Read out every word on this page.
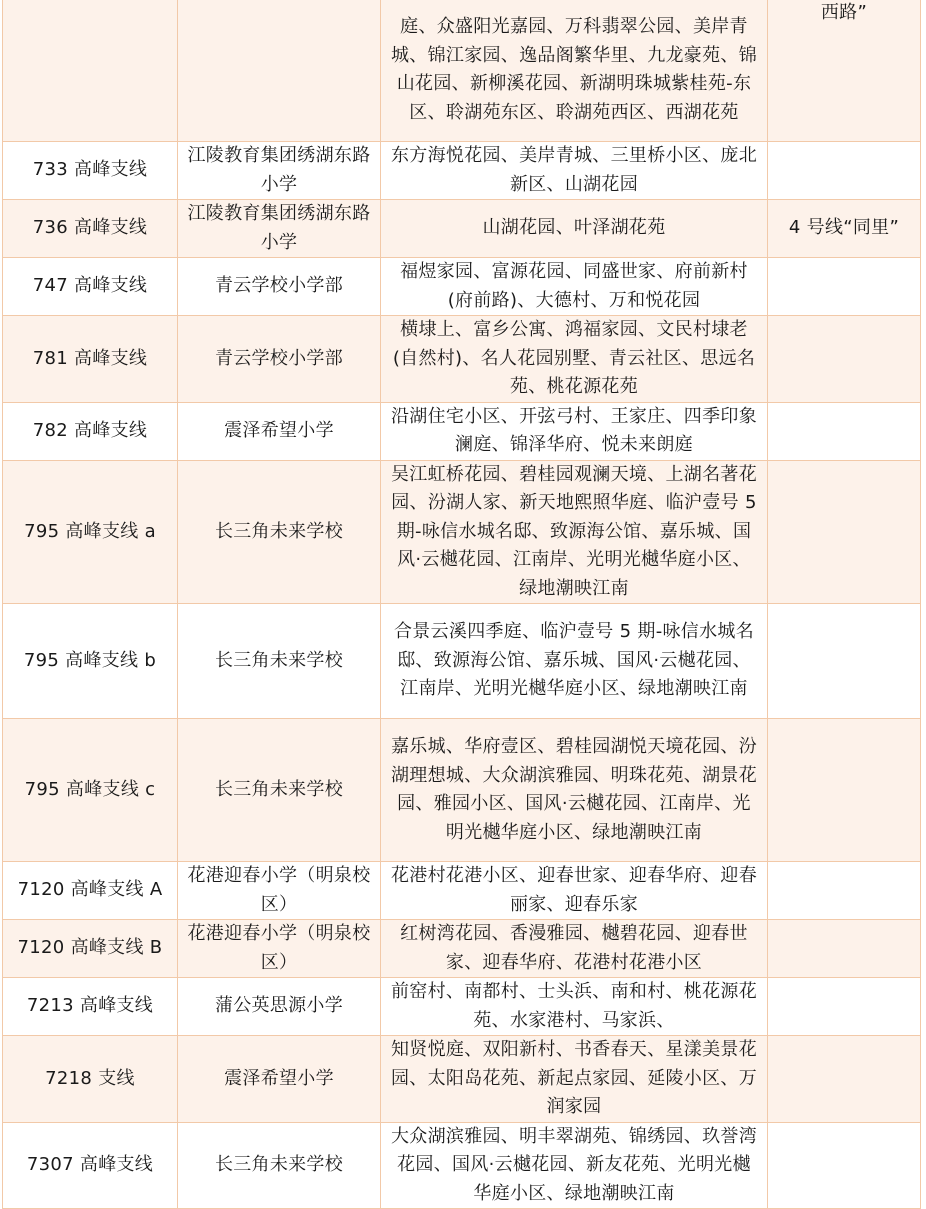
		庭、众盛阳光嘉园、万科翡翠公园、美岸青城、锦江家园、逸品阁繁华里、九龙豪苑、锦山花园、新柳溪花园、新湖明珠城紫桂苑-东区、聆湖苑东区、聆湖苑西区、西湖花苑	西路”
733 高峰支线	江陵教育集团绣湖东路小学	东方海悦花园、美岸青城、三里桥小区、庞北新区、山湖花园	
736 高峰支线	江陵教育集团绣湖东路小学	山湖花园、叶泽湖花苑	4 号线“同里”
747 高峰支线	青云学校小学部	福煜家园、富源花园、同盛世家、府前新村(府前路)、大德村、万和悦花园	
781 高峰支线	青云学校小学部	横埭上、富乡公寓、鸿福家园、文民村埭老(自然村)、名人花园别墅、青云社区、思远名苑、桃花源花苑	
782 高峰支线	震泽希望小学	沿湖住宅小区、开弦弓村、王家庄、四季印象澜庭、锦泽华府、悦未来朗庭	
795 高峰支线 a	长三角未来学校	吴江虹桥花园、碧桂园观澜天境、上湖名著花园、汾湖人家、新天地熙照华庭、临沪壹号 5 期-咏信水城名邸、致源海公馆、嘉乐城、国风·云樾花园、江南岸、光明光樾华庭小区、绿地潮映江南	
795 高峰支线 b	长三角未来学校	合景云溪四季庭、临沪壹号 5 期-咏信水城名邸、致源海公馆、嘉乐城、国风·云樾花园、江南岸、光明光樾华庭小区、绿地潮映江南	
795 高峰支线 c	长三角未来学校	嘉乐城、华府壹区、碧桂园湖悦天境花园、汾湖理想城、大众湖滨雅园、明珠花苑、湖景花园、雅园小区、国风·云樾花园、江南岸、光明光樾华庭小区、绿地潮映江南	
7120 高峰支线 A	花港迎春小学（明泉校区）	花港村花港小区、迎春世家、迎春华府、迎春丽家、迎春乐家	
7120 高峰支线 B	花港迎春小学（明泉校区）	红树湾花园、香漫雅园、樾碧花园、迎春世家、迎春华府、花港村花港小区	
7213 高峰支线	蒲公英思源小学	前窑村、南都村、士头浜、南和村、桃花源花苑、水家港村、马家浜、	
7218 支线	震泽希望小学	知贤悦庭、双阳新村、书香春天、星漾美景花园、太阳岛花苑、新起点家园、延陵小区、万润家园	
7307 高峰支线	长三角未来学校	大众湖滨雅园、明丰翠湖苑、锦绣园、玖誉湾花园、国风·云樾花园、新友花苑、光明光樾华庭小区、绿地潮映江南	
